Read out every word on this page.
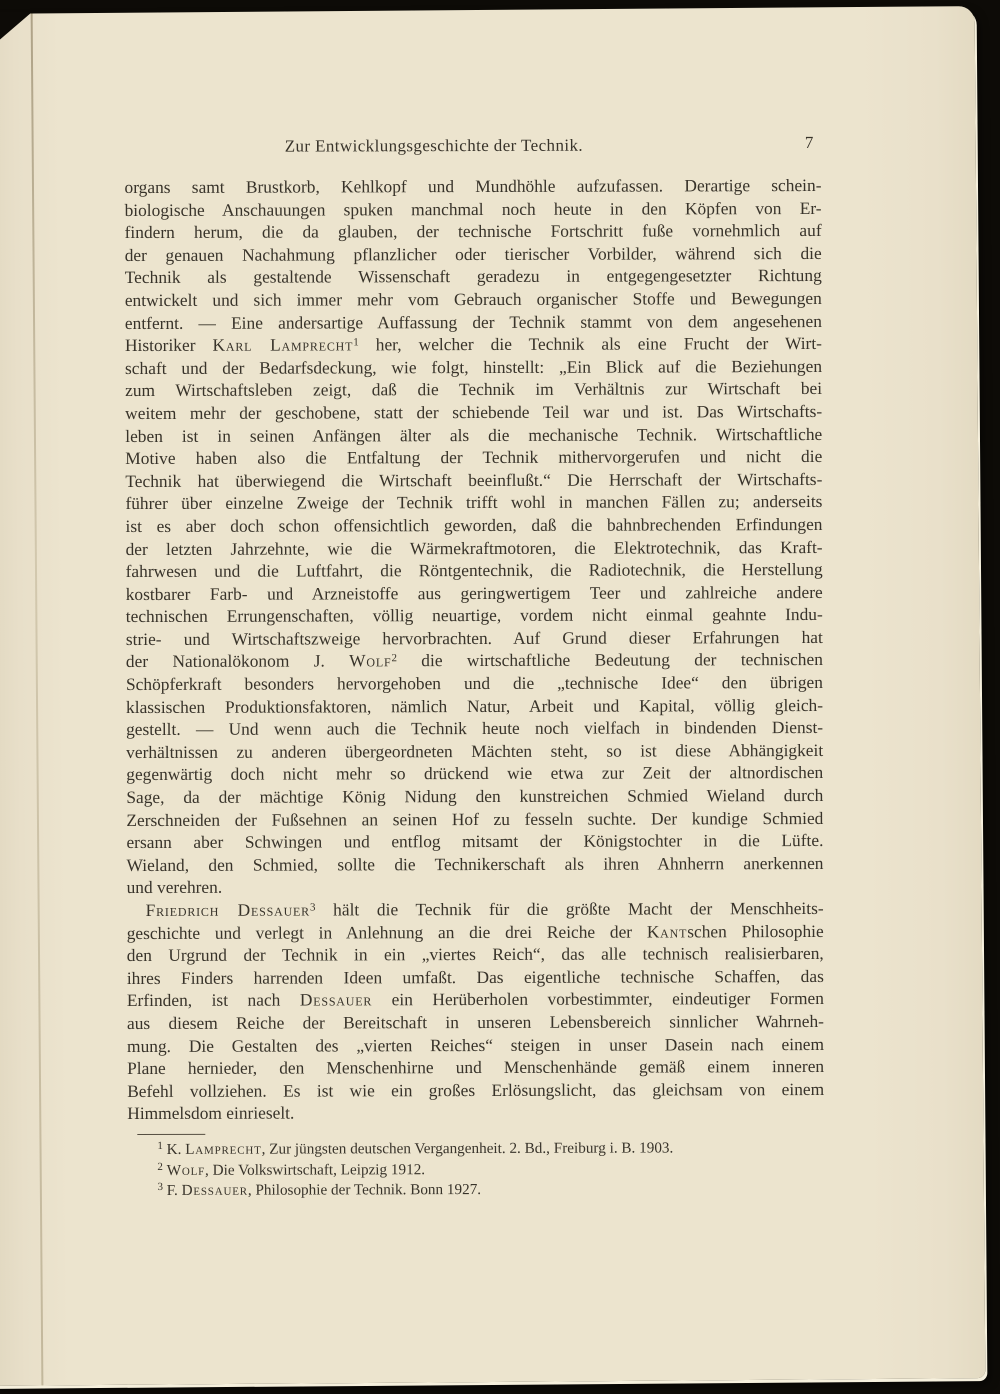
Zur Entwicklungsgeschichte der Technik.	7
organs samt Brustkorb, Kehlkopf und Mundhöhle aufzufassen. Derartige schein-
biologische Anschauungen spuken manchmal noch heute in den Köpfen von Er-
findern herum, die da glauben, der technische Fortschritt fuße vornehmlich auf
der genauen Nachahmung pflanzlicher oder tierischer Vorbilder, während sich die
Technik als gestaltende Wissenschaft geradezu in entgegengesetzter Richtung
entwickelt und sich immer mehr vom Gebrauch organischer Stoffe und Bewegungen
entfernt. — Eine andersartige Auffassung der Technik stammt von dem angesehenen
Historiker Karl Lamprecht$^1$ her, welcher die Technik als eine Frucht der Wirt-
schaft und der Bedarfsdeckung, wie folgt, hinstellt: „Ein Blick auf die Beziehungen
zum Wirtschaftsleben zeigt, daß die Technik im Verhältnis zur Wirtschaft bei
weitem mehr der geschobene, statt der schiebende Teil war und ist. Das Wirtschafts-
leben ist in seinen Anfängen älter als die mechanische Technik. Wirtschaftliche
Motive haben also die Entfaltung der Technik mithervorgerufen und nicht die
Technik hat überwiegend die Wirtschaft beeinflußt.“ Die Herrschaft der Wirtschafts-
führer über einzelne Zweige der Technik trifft wohl in manchen Fällen zu; anderseits
ist es aber doch schon offensichtlich geworden, daß die bahnbrechenden Erfindungen
der letzten Jahrzehnte, wie die Wärmekraftmotoren, die Elektrotechnik, das Kraft-
fahrwesen und die Luftfahrt, die Röntgentechnik, die Radiotechnik, die Herstellung
kostbarer Farb- und Arzneistoffe aus geringwertigem Teer und zahlreiche andere
technischen Errungenschaften, völlig neuartige, vordem nicht einmal geahnte Indu-
strie- und Wirtschaftszweige hervorbrachten. Auf Grund dieser Erfahrungen hat
der Nationalökonom J. Wolf$^2$ die wirtschaftliche Bedeutung der technischen
Schöpferkraft besonders hervorgehoben und die „technische Idee“ den übrigen
klassischen Produktionsfaktoren, nämlich Natur, Arbeit und Kapital, völlig gleich-
gestellt. — Und wenn auch die Technik heute noch vielfach in bindenden Dienst-
verhältnissen zu anderen übergeordneten Mächten steht, so ist diese Abhängigkeit
gegenwärtig doch nicht mehr so drückend wie etwa zur Zeit der altnordischen
Sage, da der mächtige König Nidung den kunstreichen Schmied Wieland durch
Zerschneiden der Fußsehnen an seinen Hof zu fesseln suchte. Der kundige Schmied
ersann aber Schwingen und entflog mitsamt der Königstochter in die Lüfte.
Wieland, den Schmied, sollte die Technikerschaft als ihren Ahnherrn anerkennen
und verehren.
Friedrich Dessauer$^3$ hält die Technik für die größte Macht der Menschheits-
geschichte und verlegt in Anlehnung an die drei Reiche der Kantschen Philosophie
den Urgrund der Technik in ein „viertes Reich“, das alle technisch realisierbaren,
ihres Finders harrenden Ideen umfaßt. Das eigentliche technische Schaffen, das
Erfinden, ist nach Dessauer ein Herüberholen vorbestimmter, eindeutiger Formen
aus diesem Reiche der Bereitschaft in unseren Lebensbereich sinnlicher Wahrneh-
mung. Die Gestalten des „vierten Reiches“ steigen in unser Dasein nach einem
Plane hernieder, den Menschenhirne und Menschenhände gemäß einem inneren
Befehl vollziehen. Es ist wie ein großes Erlösungslicht, das gleichsam von einem
Himmelsdom einrieselt.
$^1$ K. Lamprecht, Zur jüngsten deutschen Vergangenheit. 2. Bd., Freiburg i. B. 1903.
$^2$ Wolf, Die Volkswirtschaft, Leipzig 1912.
$^3$ F. Dessauer, Philosophie der Technik. Bonn 1927.
